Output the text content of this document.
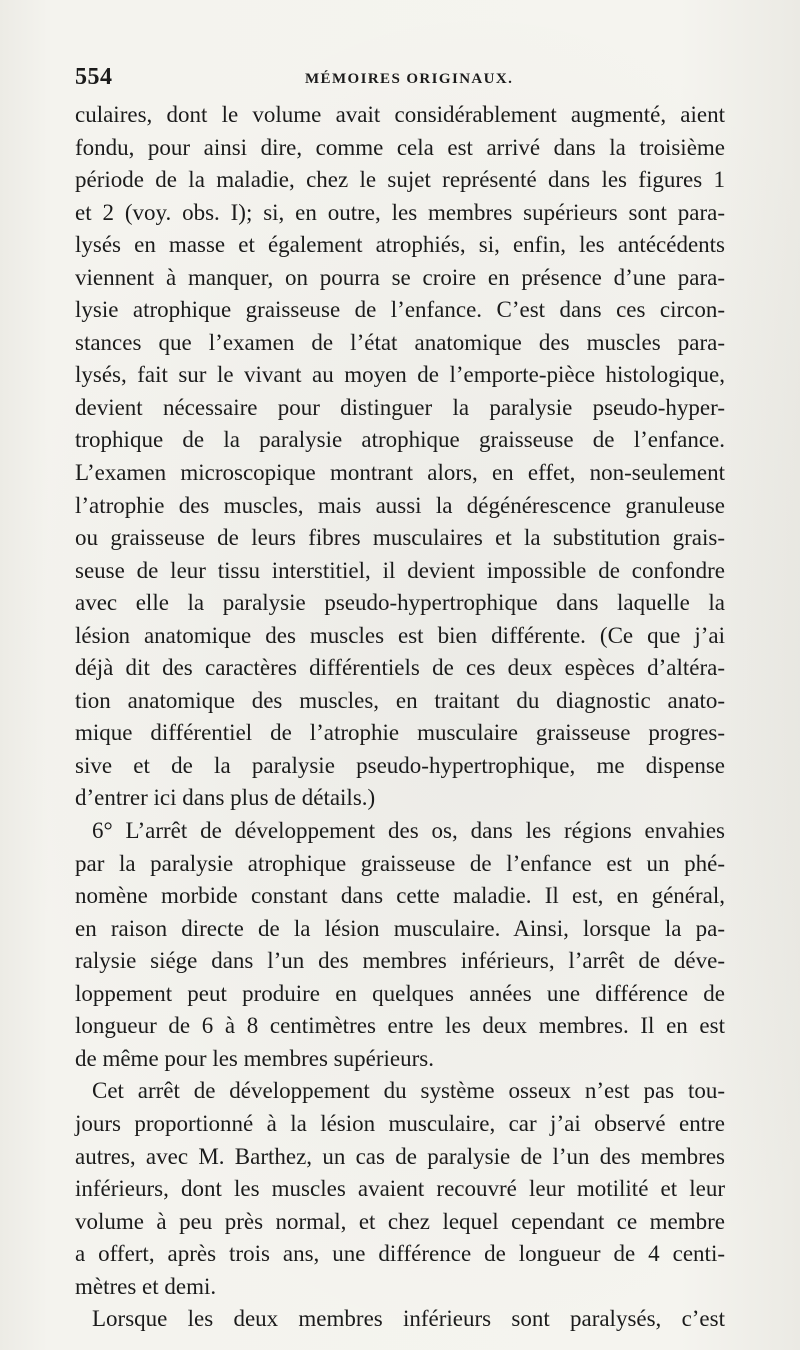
554	MÉMOIRES ORIGINAUX.
culaires, dont le volume avait considérablement augmenté, aient
fondu, pour ainsi dire, comme cela est arrivé dans la troisième
période de la maladie, chez le sujet représenté dans les figures 1
et 2 (voy. obs. I); si, en outre, les membres supérieurs sont para-
lysés en masse et également atrophiés, si, enfin, les antécédents
viennent à manquer, on pourra se croire en présence d’une para-
lysie atrophique graisseuse de l’enfance. C’est dans ces circon-
stances que l’examen de l’état anatomique des muscles para-
lysés, fait sur le vivant au moyen de l’emporte-pièce histologique,
devient nécessaire pour distinguer la paralysie pseudo-hyper-
trophique de la paralysie atrophique graisseuse de l’enfance.
L’examen microscopique montrant alors, en effet, non-seulement
l’atrophie des muscles, mais aussi la dégénérescence granuleuse
ou graisseuse de leurs fibres musculaires et la substitution grais-
seuse de leur tissu interstitiel, il devient impossible de confondre
avec elle la paralysie pseudo-hypertrophique dans laquelle la
lésion anatomique des muscles est bien différente. (Ce que j’ai
déjà dit des caractères différentiels de ces deux espèces d’altéra-
tion anatomique des muscles, en traitant du diagnostic anato-
mique différentiel de l’atrophie musculaire graisseuse progres-
sive et de la paralysie pseudo-hypertrophique, me dispense
d’entrer ici dans plus de détails.)
6° L’arrêt de développement des os, dans les régions envahies
par la paralysie atrophique graisseuse de l’enfance est un phé-
nomène morbide constant dans cette maladie. Il est, en général,
en raison directe de la lésion musculaire. Ainsi, lorsque la pa-
ralysie siége dans l’un des membres inférieurs, l’arrêt de déve-
loppement peut produire en quelques années une différence de
longueur de 6 à 8 centimètres entre les deux membres. Il en est
de même pour les membres supérieurs.
Cet arrêt de développement du système osseux n’est pas tou-
jours proportionné à la lésion musculaire, car j’ai observé entre
autres, avec M. Barthez, un cas de paralysie de l’un des membres
inférieurs, dont les muscles avaient recouvré leur motilité et leur
volume à peu près normal, et chez lequel cependant ce membre
a offert, après trois ans, une différence de longueur de 4 centi-
mètres et demi.
Lorsque les deux membres inférieurs sont paralysés, c’est
